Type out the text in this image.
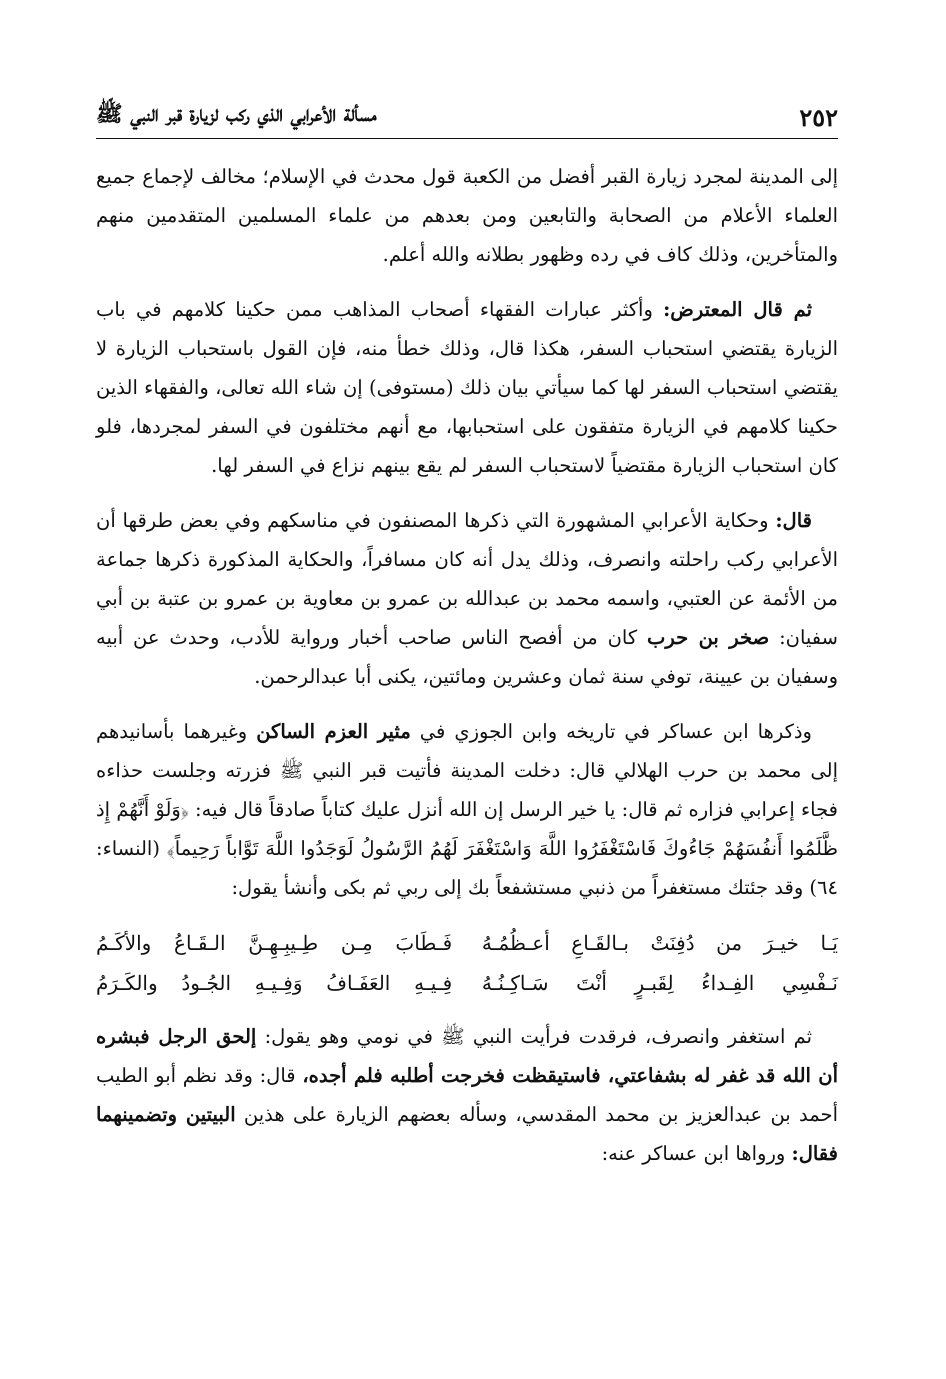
٢٥٢
مسألة الأعرابي الذي ركب لزيارة قبر النبي ﷺ

إلى المدينة لمجرد زيارة القبر أفضل من الكعبة قول محدث في الإسلام؛ مخالف لإجماع جميع العلماء الأعلام من الصحابة والتابعين ومن بعدهم من علماء المسلمين المتقدمين منهم والمتأخرين، وذلك كاف في رده وظهور بطلانه والله أعلم.

ثم قال المعترض: وأكثر عبارات الفقهاء أصحاب المذاهب ممن حكينا كلامهم في باب الزيارة يقتضي استحباب السفر، هكذا قال، وذلك خطأ منه، فإن القول باستحباب الزيارة لا يقتضي استحباب السفر لها كما سيأتي بيان ذلك (مستوفى) إن شاء الله تعالى، والفقهاء الذين حكينا كلامهم في الزيارة متفقون على استحبابها، مع أنهم مختلفون في السفر لمجردها، فلو كان استحباب الزيارة مقتضياً لاستحباب السفر لم يقع بينهم نزاع في السفر لها.

قال: وحكاية الأعرابي المشهورة التي ذكرها المصنفون في مناسكهم وفي بعض طرقها أن الأعرابي ركب راحلته وانصرف، وذلك يدل أنه كان مسافراً، والحكاية المذكورة ذكرها جماعة من الأئمة عن العتبي، واسمه محمد بن عبدالله بن عمرو بن معاوية بن عمرو بن عتبة بن أبي سفيان: صخر بن حرب كان من أفصح الناس صاحب أخبار ورواية للأدب، وحدث عن أبيه وسفيان بن عيينة، توفي سنة ثمان وعشرين ومائتين، يكنى أبا عبدالرحمن.

وذكرها ابن عساكر في تاريخه وابن الجوزي في مثير العزم الساكن وغيرهما بأسانيدهم إلى محمد بن حرب الهلالي قال: دخلت المدينة فأتيت قبر النبي ﷺ فزرته وجلست حذاءه فجاء إعرابي فزاره ثم قال: يا خير الرسل إن الله أنزل عليك كتاباً صادقاً قال فيه: ﴿وَلَوْ أَنَّهُمْ إِذ ظَّلَمُوا أَنفُسَهُمْ جَاءُوكَ فَاسْتَغْفَرُوا اللَّهَ وَاسْتَغْفَرَ لَهُمُ الرَّسُولُ لَوَجَدُوا اللَّهَ تَوَّاباً رَحِيماً﴾ (النساء: ٦٤) وقد جئتك مستغفراً من ذنبي مستشفعاً بك إلى ربي ثم بكى وأنشأ يقول:

يَـا خيـرَ من دُفِنَتْ بـالقَـاعِ أعـظُمُـهُ
فَـطَابَ مِـن طِـيبِـهِـنَّ الـقَـاعُ والأكَـمُ
نَـفْسِي الفِـداءُ لِقَبـرٍ أنْتَ سَـاكِـنُـهُ
فِـيـهِ العَفَـافُ وَفِـيـهِ الجُـودُ والكَـرَمُ

ثم استغفر وانصرف، فرقدت فرأيت النبي ﷺ في نومي وهو يقول: إلحق الرجل فبشره أن الله قد غفر له بشفاعتي، فاستيقظت فخرجت أطلبه فلم أجده، قال: وقد نظم أبو الطيب أحمد بن عبدالعزيز بن محمد المقدسي، وسأله بعضهم الزيارة على هذين البيتين وتضمينهما فقال: ورواها ابن عساكر عنه:
